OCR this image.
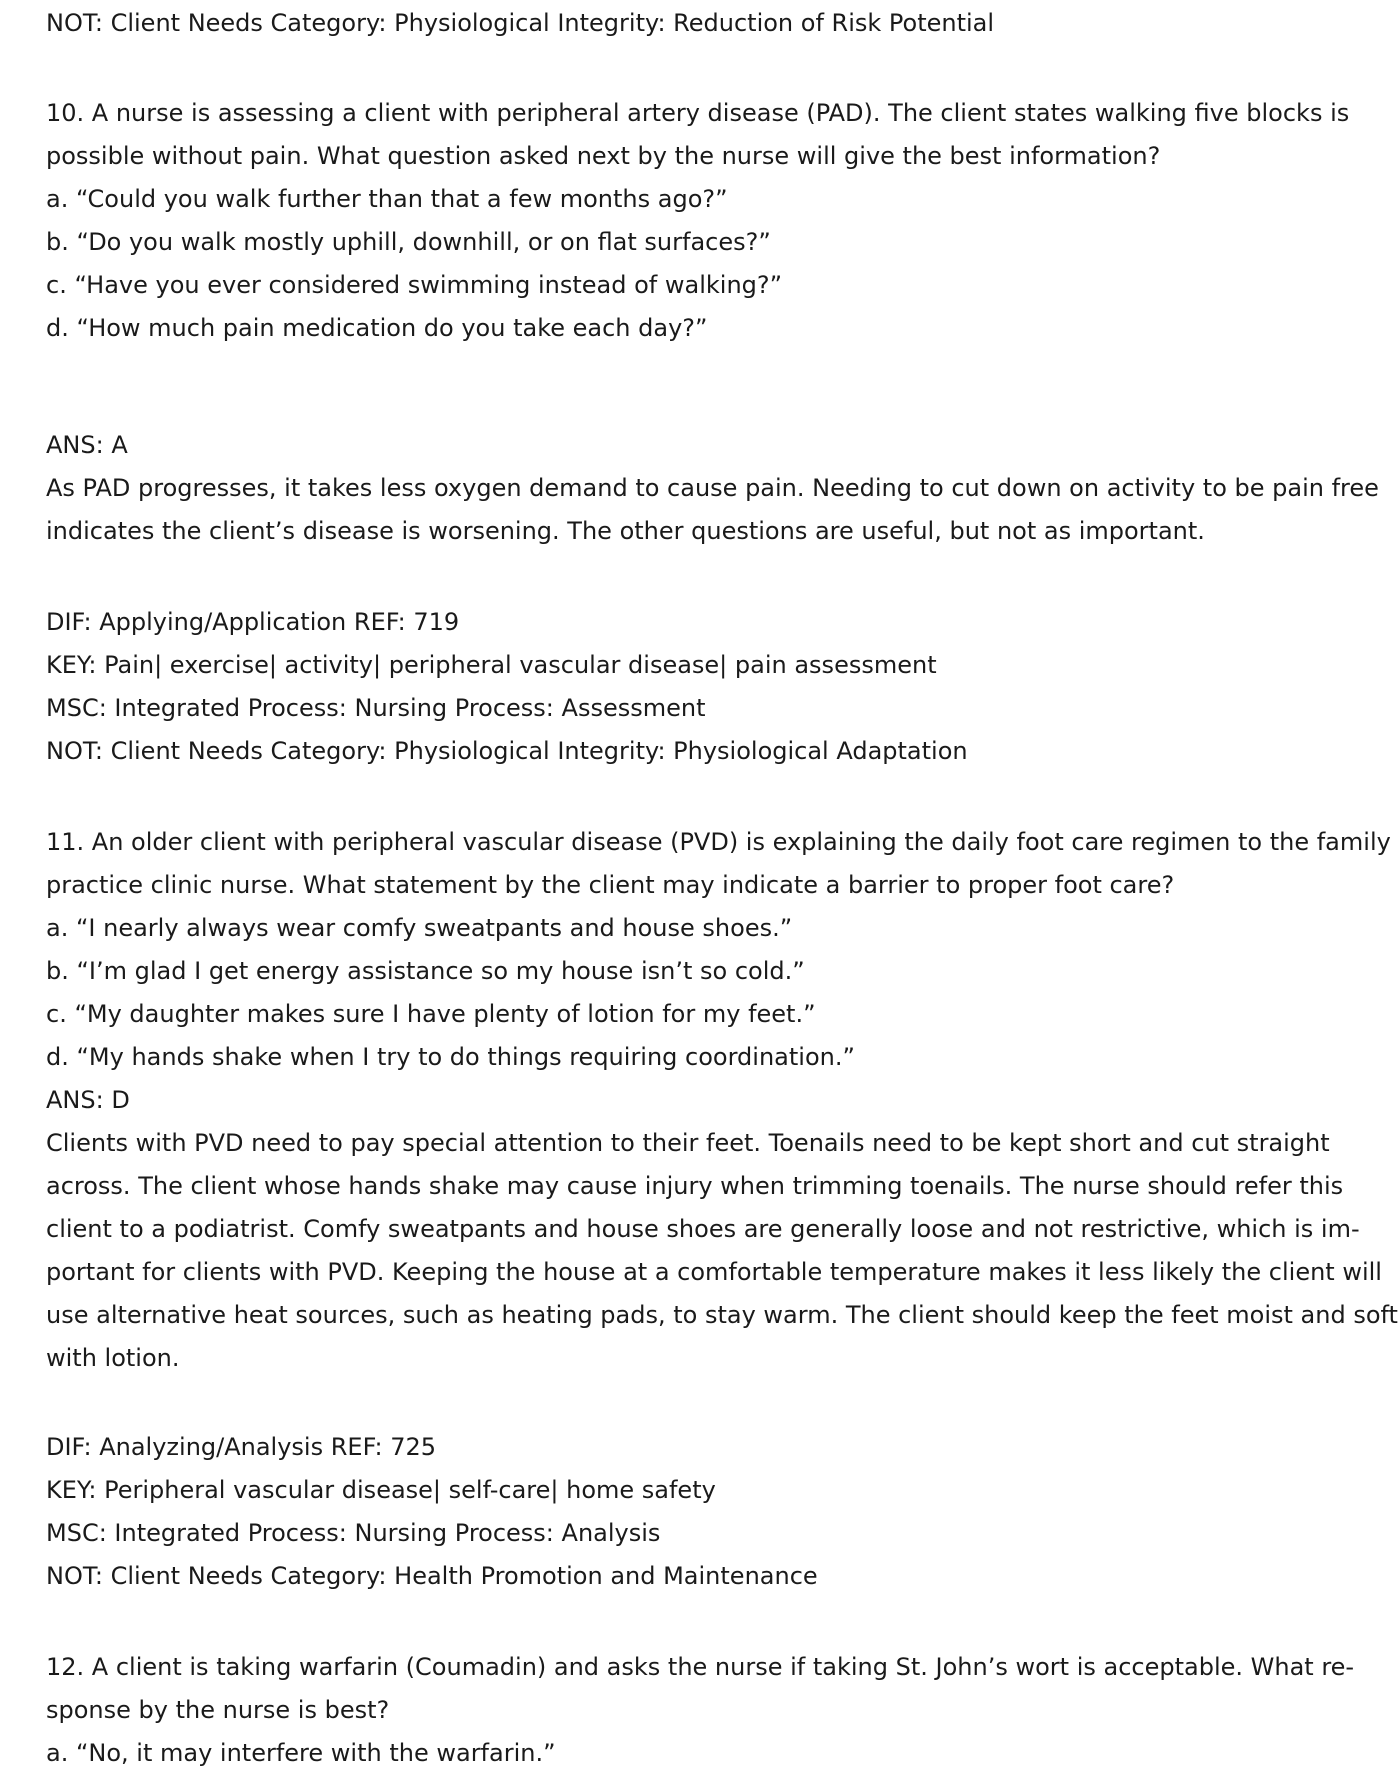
NOT: Client Needs Category: Physiological Integrity: Reduction of Risk Potential
10. A nurse is assessing a client with peripheral artery disease (PAD). The client states walking five blocks is
possible without pain. What question asked next by the nurse will give the best information?
a. “Could you walk further than that a few months ago?”
b. “Do you walk mostly uphill, downhill, or on flat surfaces?”
c. “Have you ever considered swimming instead of walking?”
d. “How much pain medication do you take each day?”
ANS: A
As PAD progresses, it takes less oxygen demand to cause pain. Needing to cut down on activity to be pain free
indicates the client’s disease is worsening. The other questions are useful, but not as important.
DIF: Applying/Application REF: 719
KEY: Pain| exercise| activity| peripheral vascular disease| pain assessment
MSC: Integrated Process: Nursing Process: Assessment
NOT: Client Needs Category: Physiological Integrity: Physiological Adaptation
11. An older client with peripheral vascular disease (PVD) is explaining the daily foot care regimen to the family
practice clinic nurse. What statement by the client may indicate a barrier to proper foot care?
a. “I nearly always wear comfy sweatpants and house shoes.”
b. “I’m glad I get energy assistance so my house isn’t so cold.”
c. “My daughter makes sure I have plenty of lotion for my feet.”
d. “My hands shake when I try to do things requiring coordination.”
ANS: D
Clients with PVD need to pay special attention to their feet. Toenails need to be kept short and cut straight
across. The client whose hands shake may cause injury when trimming toenails. The nurse should refer this
client to a podiatrist. Comfy sweatpants and house shoes are generally loose and not restrictive, which is im-
portant for clients with PVD. Keeping the house at a comfortable temperature makes it less likely the client will
use alternative heat sources, such as heating pads, to stay warm. The client should keep the feet moist and soft
with lotion.
DIF: Analyzing/Analysis REF: 725
KEY: Peripheral vascular disease| self-care| home safety
MSC: Integrated Process: Nursing Process: Analysis
NOT: Client Needs Category: Health Promotion and Maintenance
12. A client is taking warfarin (Coumadin) and asks the nurse if taking St. John’s wort is acceptable. What re-
sponse by the nurse is best?
a. “No, it may interfere with the warfarin.”
